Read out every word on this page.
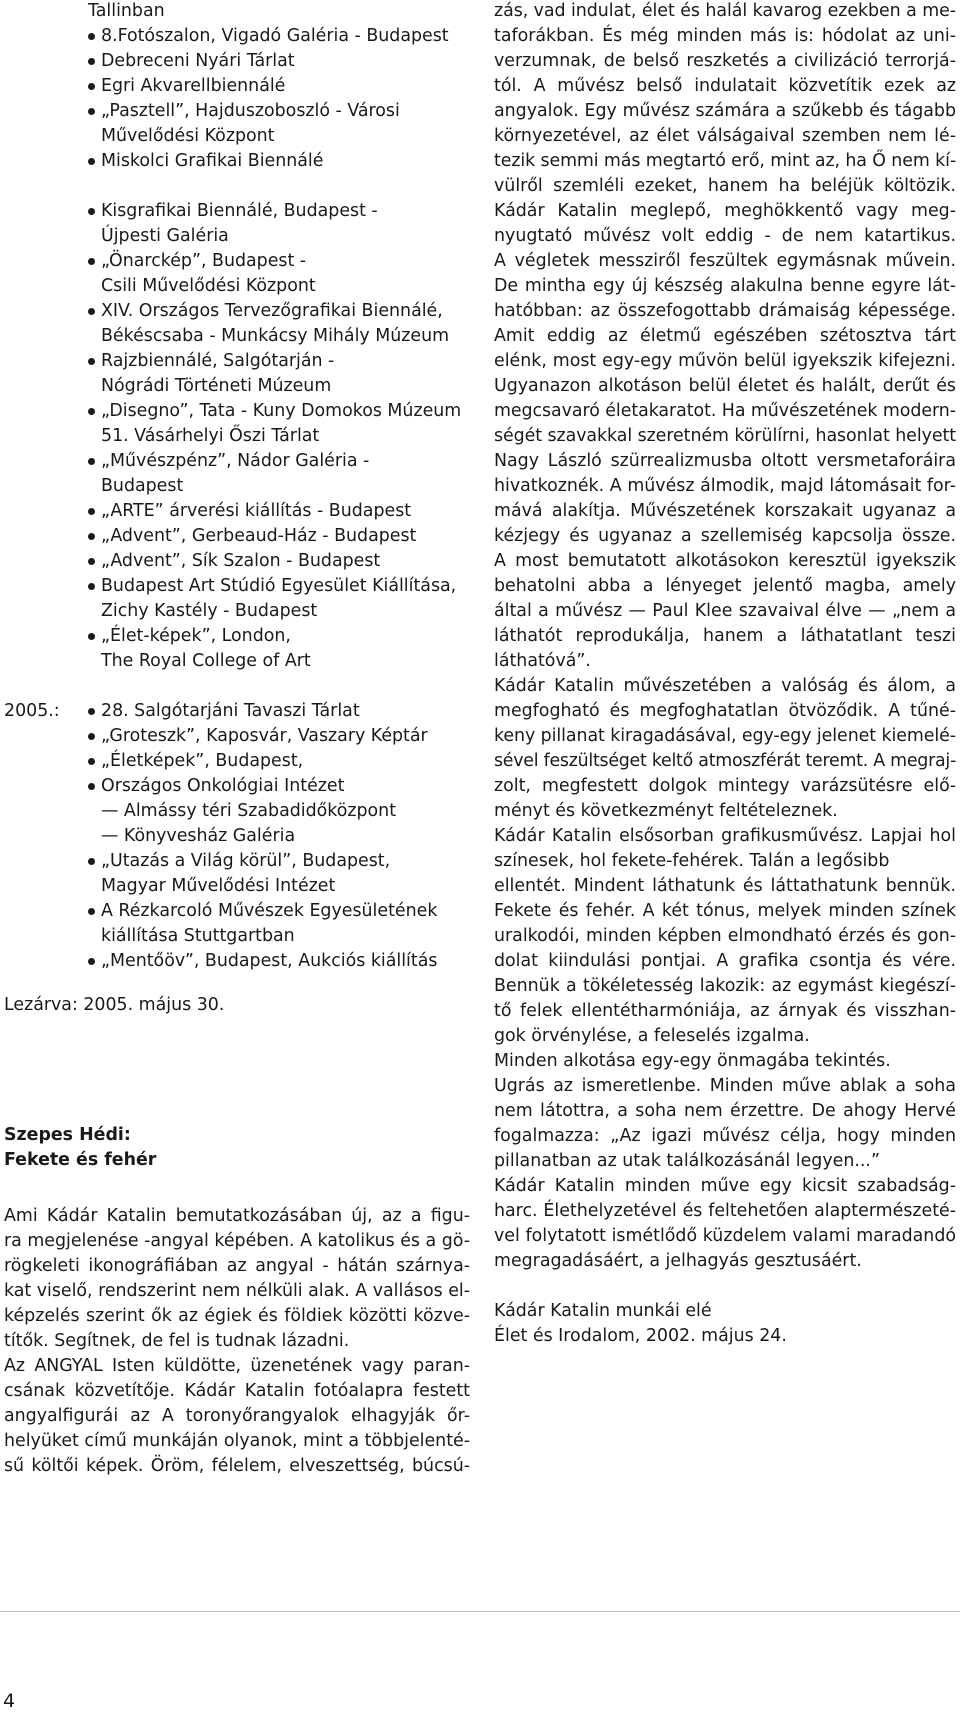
Tallinban
8.Fotószalon, Vigadó Galéria - Budapest
Debreceni Nyári Tárlat
Egri Akvarellbiennálé
„Pasztell”, Hajduszoboszló - Városi
Művelődési Központ
Miskolci Grafikai Biennálé
Kisgrafikai Biennálé, Budapest -
Újpesti Galéria
„Önarckép”, Budapest -
Csili Művelődési Központ
XIV. Országos Tervezőgrafikai Biennálé,
Békéscsaba - Munkácsy Mihály Múzeum
Rajzbiennálé, Salgótarján -
Nógrádi Történeti Múzeum
„Disegno”, Tata - Kuny Domokos Múzeum
51. Vásárhelyi Őszi Tárlat
„Művészpénz”, Nádor Galéria -
Budapest
„ARTE” árverési kiállítás - Budapest
„Advent”, Gerbeaud-Ház - Budapest
„Advent”, Sík Szalon - Budapest
Budapest Art Stúdió Egyesület Kiállítása,
Zichy Kastély - Budapest
„Élet-képek”, London,
The Royal College of Art
2005.: 28. Salgótarjáni Tavaszi Tárlat
„Groteszk”, Kaposvár, Vaszary Képtár
„Életképek”, Budapest,
Országos Onkológiai Intézet
— Almássy téri Szabadidőközpont
— Könyvesház Galéria
„Utazás a Világ körül”, Budapest,
Magyar Művelődési Intézet
A Rézkarcoló Művészek Egyesületének
kiállítása Stuttgartban
„Mentőöv”, Budapest, Aukciós kiállítás
Lezárva: 2005. május 30.
Szepes Hédi:
Fekete és fehér
Ami Kádár Katalin bemutatkozásában új, az a figu-
ra megjelenése -angyal képében. A katolikus és a gö-
rögkeleti ikonográfiában az angyal - hátán szárnya-
kat viselő, rendszerint nem nélküli alak. A vallásos el-
képzelés szerint ők az égiek és földiek közötti közve-
títők. Segítnek, de fel is tudnak lázadni.
Az ANGYAL Isten küldötte, üzenetének vagy paran-
csának közvetítője. Kádár Katalin fotóalapra festett
angyalfigurái az A toronyőrangyalok elhagyják őr-
helyüket című munkáján olyanok, mint a többjelenté-
sű költői képek. Öröm, félelem, elveszettség, búcsú-
zás, vad indulat, élet és halál kavarog ezekben a me-
taforákban. És még minden más is: hódolat az uni-
verzumnak, de belső reszketés a civilizáció terrorjá-
tól. A művész belső indulatait közvetítik ezek az
angyalok. Egy művész számára a szűkebb és tágabb
környezetével, az élet válságaival szemben nem lé-
tezik semmi más megtartó erő, mint az, ha Ő nem kí-
vülről szemléli ezeket, hanem ha beléjük költözik.
Kádár Katalin meglepő, meghökkentő vagy meg-
nyugtató művész volt eddig - de nem katartikus.
A végletek messziről feszültek egymásnak művein.
De mintha egy új készség alakulna benne egyre lát-
hatóbban: az összefogottabb drámaiság képessége.
Amit eddig az életmű egészében szétosztva tárt
elénk, most egy-egy művön belül igyekszik kifejezni.
Ugyanazon alkotáson belül életet és halált, derűt és
megcsavaró életakaratot. Ha művészetének modern-
ségét szavakkal szeretném körülírni, hasonlat helyett
Nagy László szürrealizmusba oltott versmetaforáira
hivatkoznék. A művész álmodik, majd látomásait for-
mává alakítja. Művészetének korszakait ugyanaz a
kézjegy és ugyanaz a szellemiség kapcsolja össze.
A most bemutatott alkotásokon keresztül igyekszik
behatolni abba a lényeget jelentő magba, amely
által a művész — Paul Klee szavaival élve — „nem a
láthatót reprodukálja, hanem a láthatatlant teszi
láthatóvá”.
Kádár Katalin művészetében a valóság és álom, a
megfogható és megfoghatatlan ötvöződik. A tűné-
keny pillanat kiragadásával, egy-egy jelenet kiemelé-
sével feszültséget keltő atmoszférát teremt. A megraj-
zolt, megfestett dolgok mintegy varázsütésre elő-
ményt és következményt feltételeznek.
Kádár Katalin elsősorban grafikusművész. Lapjai hol
színesek, hol fekete-fehérek. Talán a legősibb
ellentét. Mindent láthatunk és láttathatunk bennük.
Fekete és fehér. A két tónus, melyek minden színek
uralkodói, minden képben elmondható érzés és gon-
dolat kiindulási pontjai. A grafika csontja és vére.
Bennük a tökéletesség lakozik: az egymást kiegészí-
tő felek ellentétharmóniája, az árnyak és visszhan-
gok örvénylése, a feleselés izgalma.
Minden alkotása egy-egy önmagába tekintés.
Ugrás az ismeretlenbe. Minden műve ablak a soha
nem látottra, a soha nem érzettre. De ahogy Hervé
fogalmazza: „Az igazi művész célja, hogy minden
pillanatban az utak találkozásánál legyen...”
Kádár Katalin minden műve egy kicsit szabadság-
harc. Élethelyzetével és feltehetően alaptermészeté-
vel folytatott ismétlődő küzdelem valami maradandó
megragadásáért, a jelhagyás gesztusáért.
Kádár Katalin munkái elé
Élet és Irodalom, 2002. május 24.
4
